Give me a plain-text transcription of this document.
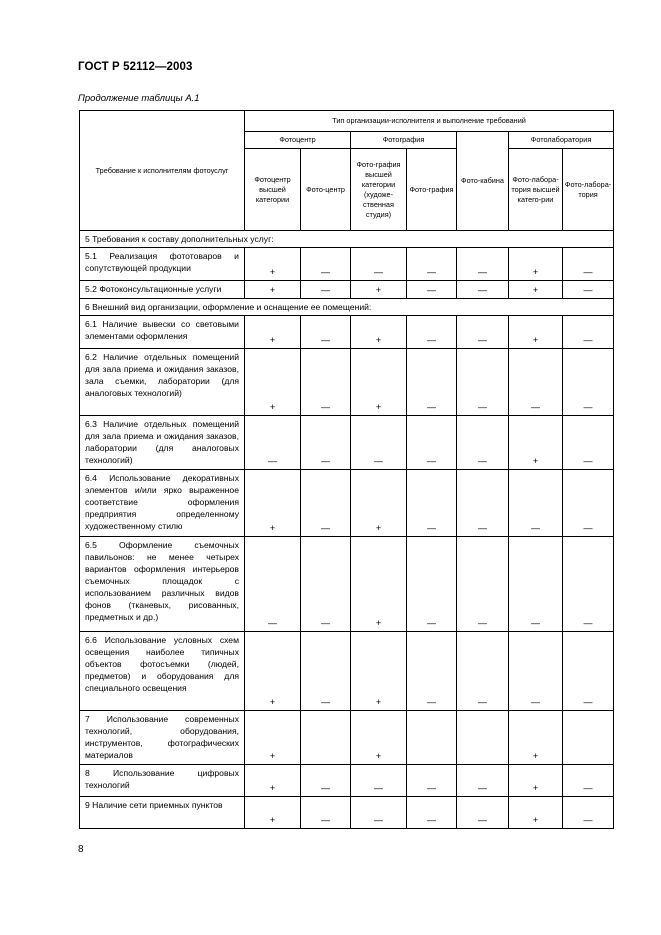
ГОСТ Р 52112—2003
Продолжение таблицы А.1
Требование к исполнителям фотоуслуг	Тип организации-исполнителя и выполнение требований						
	Фотоцентр		Фотография		Фото-кабина	Фотолаборатория	
	Фотоцентр высшей категории	Фото-центр	Фото-графия высшей категории (художе-ственная студия)	Фото-графия		Фото-лабора-тория высшей катего-рии	Фото-лабора-тория
5 Требования к составу дополнительных услуг:							
5.1 Реализация фототоваров и сопутствующей продукции	+	—	—	—	—	+	—
5.2 Фотоконсультационные услуги	+	—	+	—	—	+	—
6 Внешний вид организации, оформление и оснащение ее помещений:							
6.1 Наличие вывески со световыми элементами оформления	+	—	+	—	—	+	—
6.2 Наличие отдельных помещений для зала приема и ожидания заказов, зала съемки, лаборатории (для аналоговых технологий)	+	—	+	—	—	—	—
6.3 Наличие отдельных помещений для зала приема и ожидания заказов, лаборатории (для аналоговых технологий)	—	—	—	—	—	+	—
6.4 Использование декоративных элементов и/или ярко выраженное соответствие оформления предприятия определенному художественному стилю	+	—	+	—	—	—	—
6.5 Оформление съемочных павильонов: не менее четырех вариантов оформления интерьеров съемочных площадок с использованием различных видов фонов (тканевых, рисованных, предметных и др.)	—	—	+	—	—	—	—
6.6 Использование условных схем освещения наиболее типичных объектов фотосъемки (людей, предметов) и оборудования для специального освещения	+	—	+	—	—	—	—
7 Использование современных технологий, оборудования, инструментов, фотографических материалов	+		+			+	
8 Использование цифровых технологий	+	—	—	—	—	+	—
9 Наличие сети приемных пунктов	+	—	—	—	—	+	—
8
